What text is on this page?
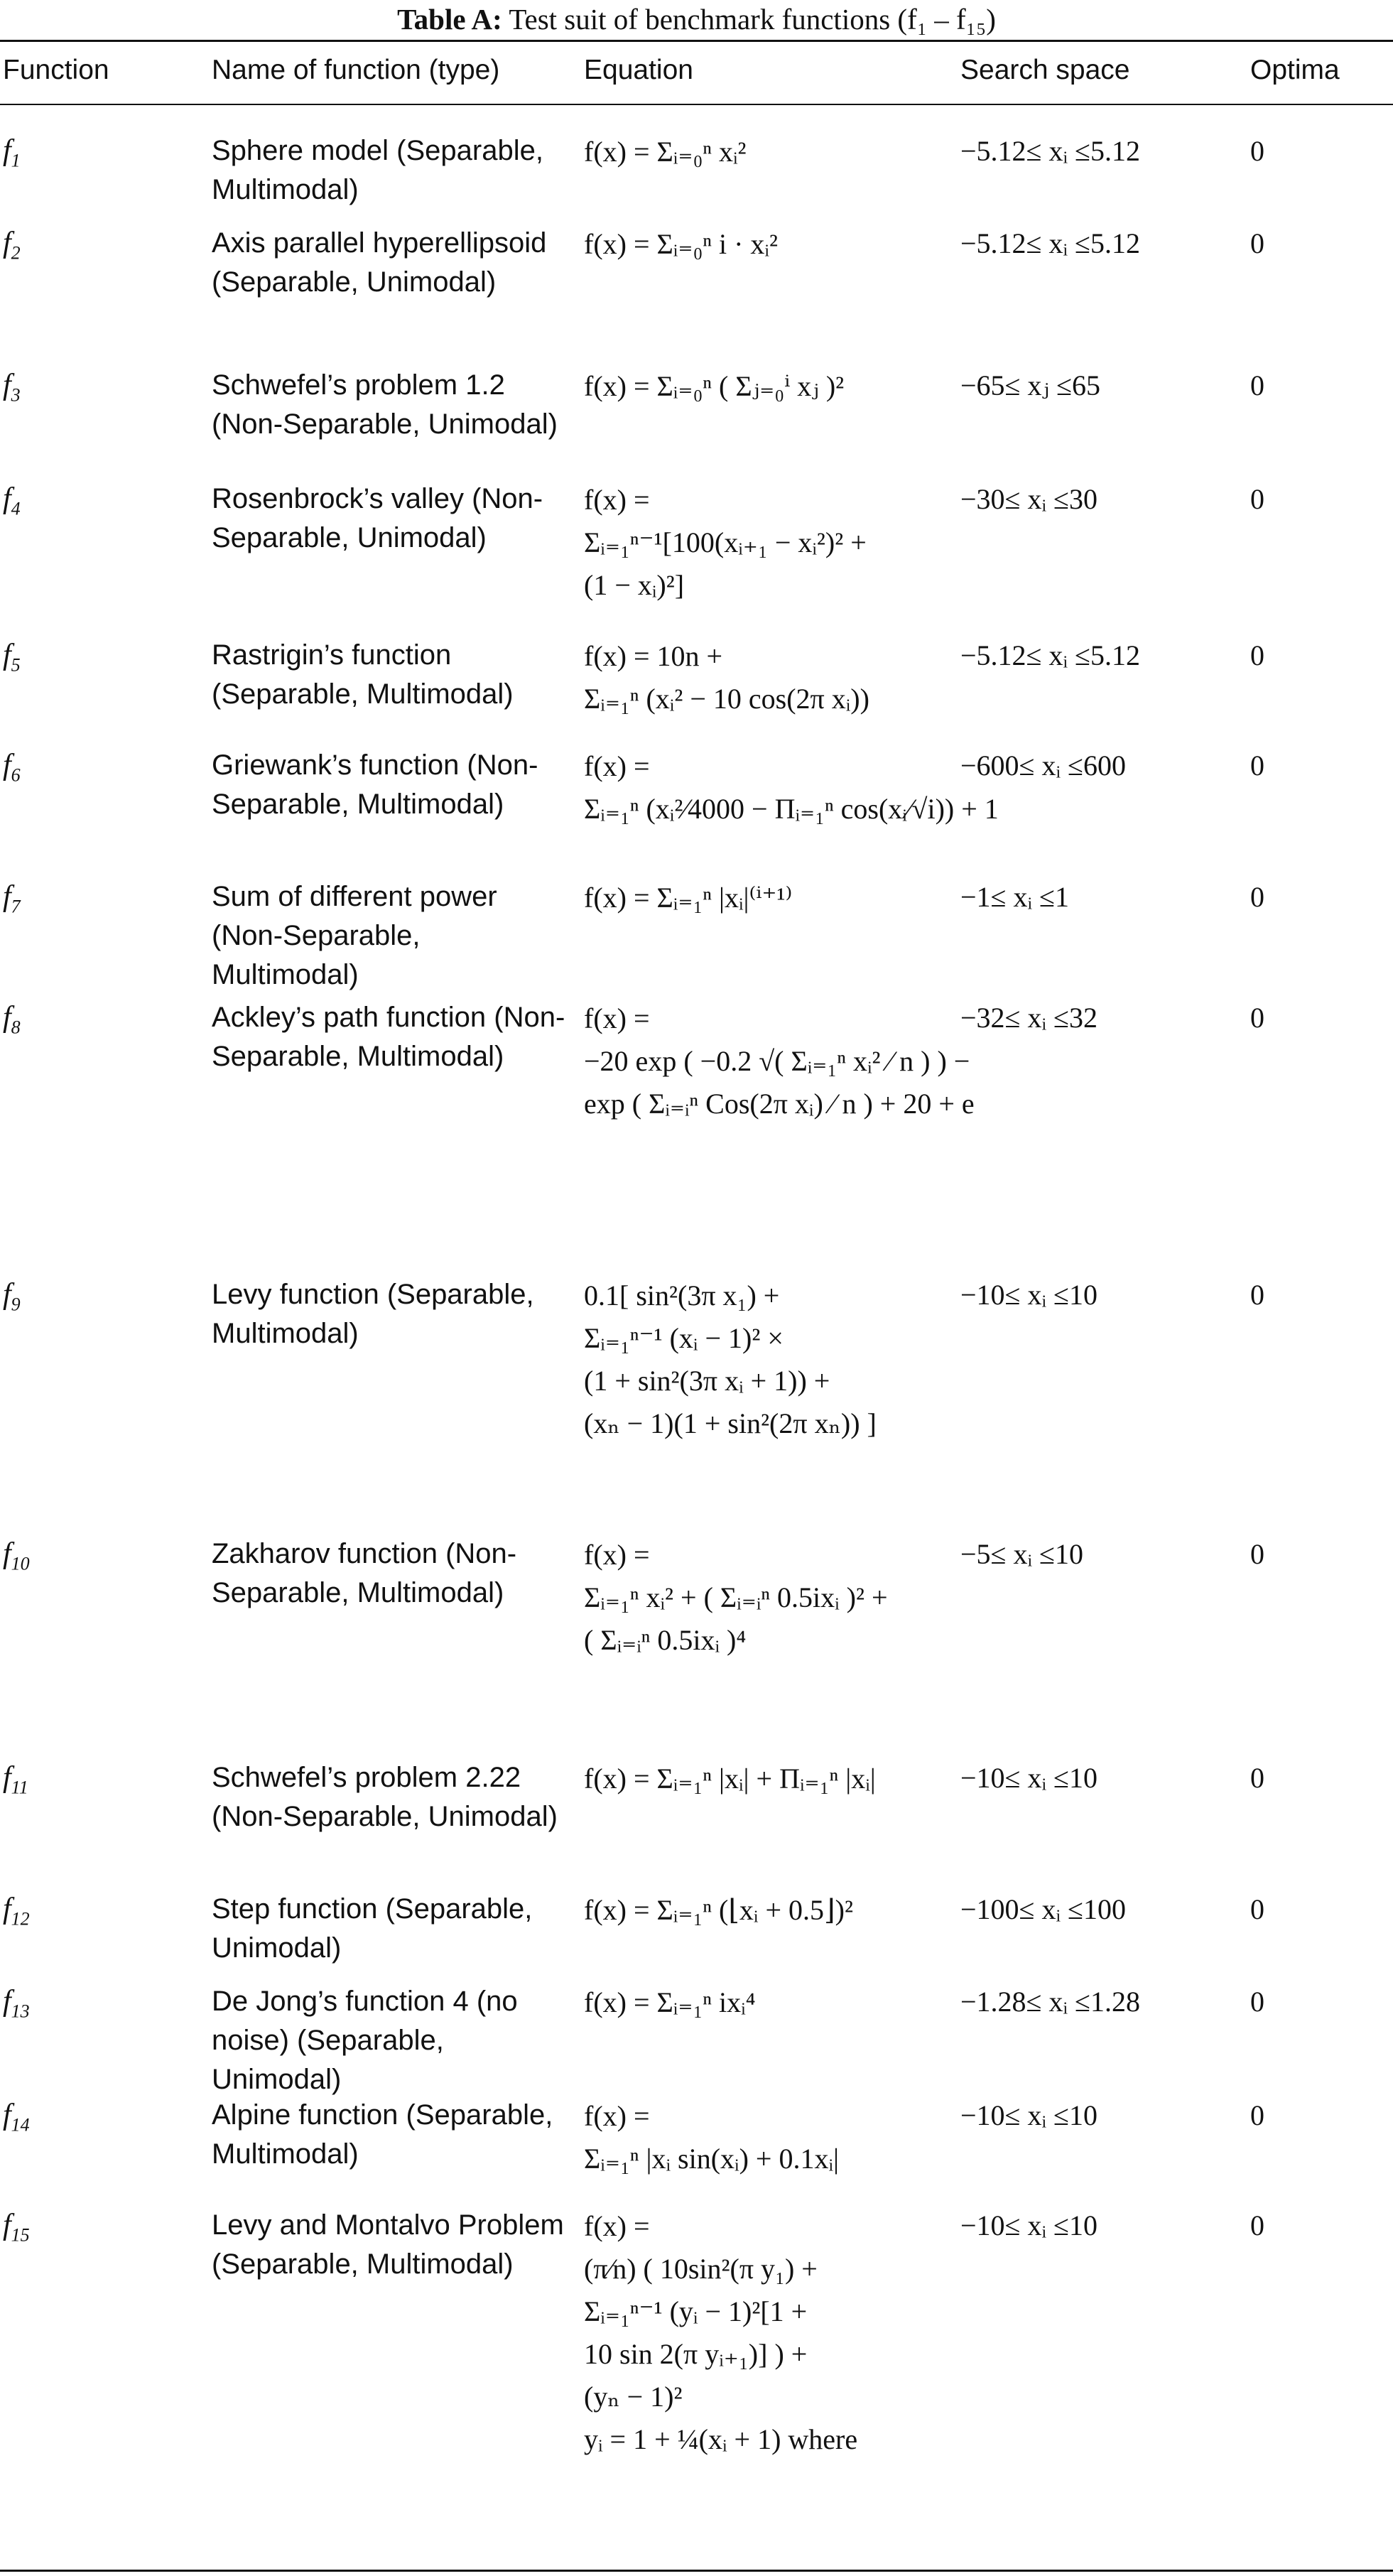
Table A: Test suit of benchmark functions (f₁ – f₁₅)
Function	Name of function (type)	Equation	Search space	Optima
$f_1$	Sphere model (Separable, Multimodal)
f(x) = Σᵢ₌₀ⁿ xᵢ²	−5.12≤ xᵢ ≤5.12	0
$f_2$	Axis parallel hyperellipsoid (Separable, Unimodal)
f(x) = Σᵢ₌₀ⁿ i · xᵢ²	−5.12≤ xᵢ ≤5.12	0
$f_3$	Schwefel’s problem 1.2 (Non-Separable, Unimodal)
f(x) = Σᵢ₌₀ⁿ ( Σⱼ₌₀ⁱ xⱼ )²	−65≤ xⱼ ≤65	0
$f_4$	Rosenbrock’s valley (Non-Separable, Unimodal)
f(x) =
Σᵢ₌₁ⁿ⁻¹[100(xᵢ₊₁ − xᵢ²)² +
(1 − xᵢ)²]
−30≤ xᵢ ≤30	0
$f_5$	Rastrigin’s function (Separable, Multimodal)
f(x) = 10n +
Σᵢ₌₁ⁿ (xᵢ² − 10 cos(2π xᵢ))
−5.12≤ xᵢ ≤5.12	0
$f_6$	Griewank’s function (Non-Separable, Multimodal)
f(x) =
Σᵢ₌₁ⁿ (xᵢ²⁄4000 − Πᵢ₌₁ⁿ cos(xᵢ⁄√i)) + 1
−600≤ xᵢ ≤600	0
$f_7$	Sum of different power (Non-Separable, Multimodal)
f(x) = Σᵢ₌₁ⁿ |xᵢ|⁽ⁱ⁺¹⁾	−1≤ xᵢ ≤1	0
$f_8$	Ackley’s path function (Non-Separable, Multimodal)
f(x) =
−20 exp ( −0.2 √( Σᵢ₌₁ⁿ xᵢ² ⁄ n ) ) −
exp ( Σᵢ₌ᵢⁿ Cos(2π xᵢ) ⁄ n ) + 20 + e
−32≤ xᵢ ≤32	0
$f_9$	Levy function (Separable, Multimodal)
0.1[ sin²(3π x₁) +
Σᵢ₌₁ⁿ⁻¹ (xᵢ − 1)² ×
(1 + sin²(3π xᵢ + 1)) +
(xₙ − 1)(1 + sin²(2π xₙ)) ]
−10≤ xᵢ ≤10	0
$f_{10}$	Zakharov function (Non-Separable, Multimodal)
f(x) =
Σᵢ₌₁ⁿ xᵢ² + ( Σᵢ₌ᵢⁿ 0.5ixᵢ )² +
( Σᵢ₌ᵢⁿ 0.5ixᵢ )⁴
−5≤ xᵢ ≤10	0
$f_{11}$	Schwefel’s problem 2.22 (Non-Separable, Unimodal)
f(x) = Σᵢ₌₁ⁿ |xᵢ| + Πᵢ₌₁ⁿ |xᵢ|	−10≤ xᵢ ≤10	0
$f_{12}$	Step function (Separable, Unimodal)
f(x) = Σᵢ₌₁ⁿ (⌊xᵢ + 0.5⌋)²	−100≤ xᵢ ≤100	0
$f_{13}$	De Jong’s function 4 (no noise) (Separable, Unimodal)
f(x) = Σᵢ₌₁ⁿ ixᵢ⁴	−1.28≤ xᵢ ≤1.28	0
$f_{14}$	Alpine function (Separable, Multimodal)
f(x) =
Σᵢ₌₁ⁿ |xᵢ sin(xᵢ) + 0.1xᵢ|
−10≤ xᵢ ≤10	0
$f_{15}$	Levy and Montalvo Problem (Separable, Multimodal)
f(x) =
(π⁄n) ( 10sin²(π y₁) +
Σᵢ₌₁ⁿ⁻¹ (yᵢ − 1)²[1 +
10 sin 2(π yᵢ₊₁)] ) +
(yₙ − 1)²
yᵢ = 1 + ¼(xᵢ + 1) where
−10≤ xᵢ ≤10	0
